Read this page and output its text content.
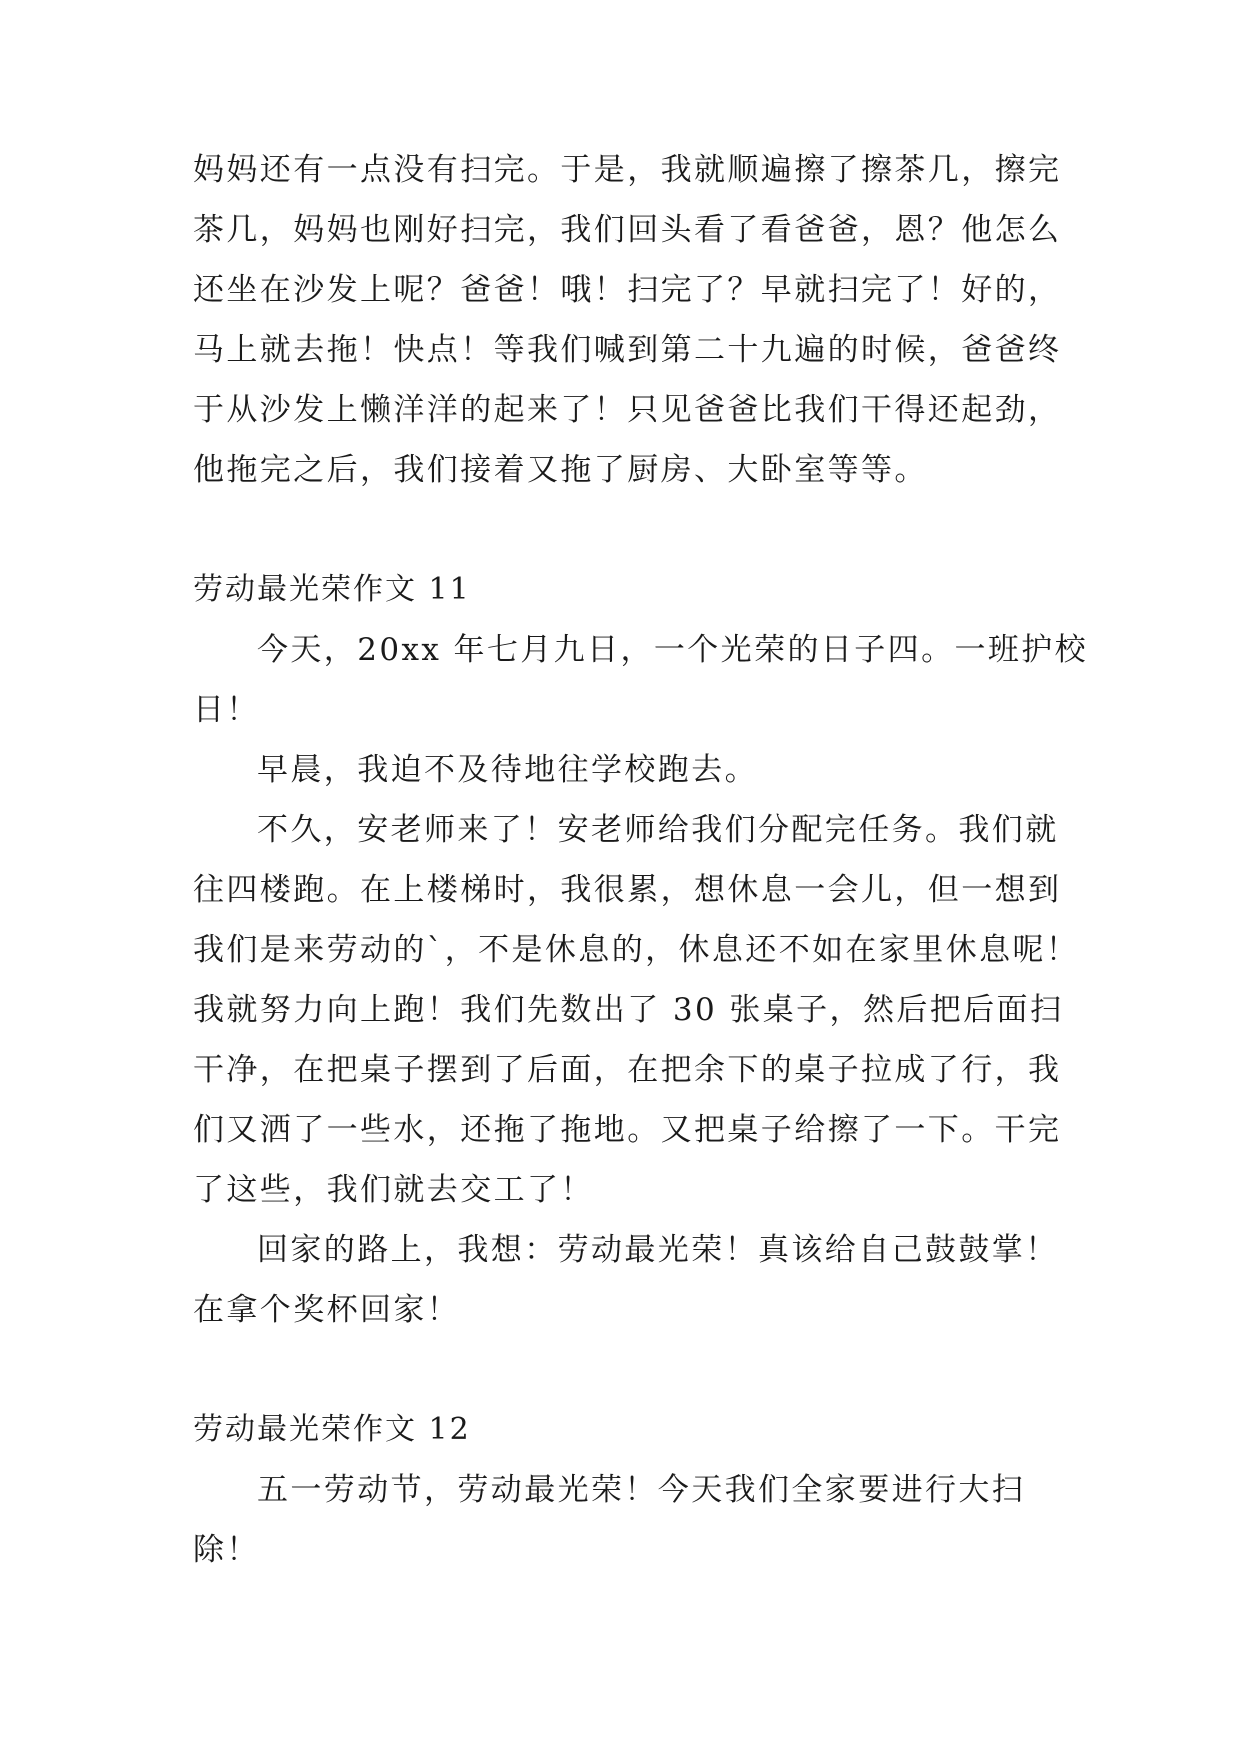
妈妈还有一点没有扫完。于是，我就顺遍擦了擦茶几，擦完
茶几，妈妈也刚好扫完，我们回头看了看爸爸，恩？他怎么
还坐在沙发上呢？爸爸！哦！扫完了？早就扫完了！好的，
马上就去拖！快点！等我们喊到第二十九遍的时候，爸爸终
于从沙发上懒洋洋的起来了！只见爸爸比我们干得还起劲，
他拖完之后，我们接着又拖了厨房、大卧室等等。
劳动最光荣作文 11
今天，20xx 年七月九日，一个光荣的日子四。一班护校
日！
早晨，我迫不及待地往学校跑去。
不久，安老师来了！安老师给我们分配完任务。我们就
往四楼跑。在上楼梯时，我很累，想休息一会儿，但一想到
我们是来劳动的`，不是休息的，休息还不如在家里休息呢！
我就努力向上跑！我们先数出了 30 张桌子，然后把后面扫
干净，在把桌子摆到了后面，在把余下的桌子拉成了行，我
们又洒了一些水，还拖了拖地。又把桌子给擦了一下。干完
了这些，我们就去交工了！
回家的路上，我想：劳动最光荣！真该给自己鼓鼓掌！
在拿个奖杯回家！
劳动最光荣作文 12
五一劳动节，劳动最光荣！今天我们全家要进行大扫
除！
